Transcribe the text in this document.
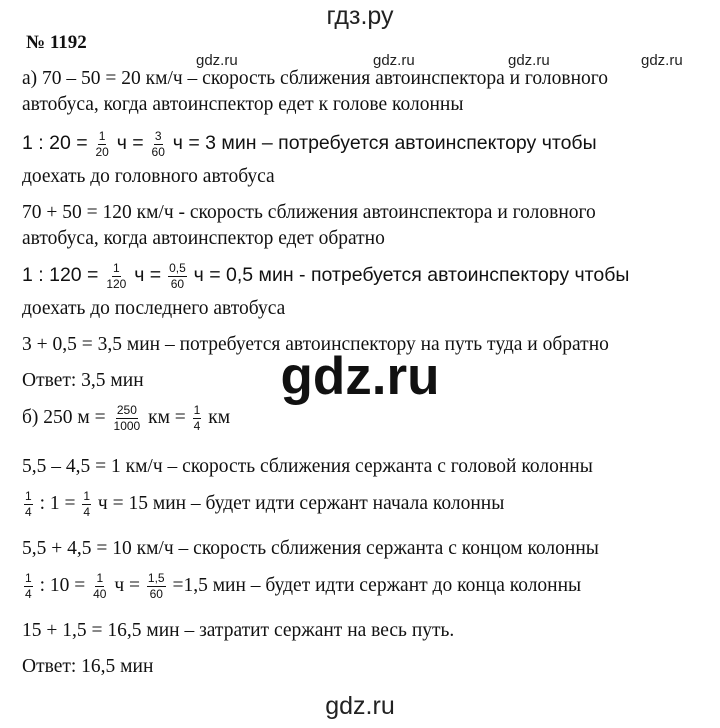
гдз.ру
№ 1192
gdz.ru	gdz.ru	gdz.ru	gdz.ru
а) 70 – 50 = 20 км/ч – скорость сближения автоинспектора и головного
автобуса, когда автоинспектор едет к голове колонны
1 : $20 = \frac{1}{20}$ $ч = \frac{3}{60}$ ч = 3 мин – потребуется автоинспектору чтобы
доехать до головного автобуса
70 + 50 = 120 км/ч - скорость сближения автоинспектора и головного
автобуса, когда автоинспектор едет обратно
1 : $120 = \frac{1}{120}$ $ч = \frac{0,5}{60}$ ч = 0,5 мин - потребуется автоинспектору чтобы
доехать до последнего автобуса
3 + 0,5 = 3,5 мин – потребуется автоинспектору на путь туда и обратно
Ответ: 3,5 мин	gdz.ru
б) 250 $м = \frac{250}{1000}$ км = $\frac{1}{4}$ км
5,5 – 4,5 = 1 км/ч – скорость сближения сержанта с головой колонны
$\frac{1}{4}$ : $1 = \frac{1}{4}$ ч = 15 мин – будет идти сержант начала колонны
5,5 + 4,5 = 10 км/ч – скорость сближения сержанта с концом колонны
$\frac{1}{4}$ : $10 = \frac{1}{40}$ $ч = \frac{1,5}{60} =1,5$ мин – будет идти сержант до конца колонны
15 + 1,5 = 16,5 мин – затратит сержант на весь путь.
Ответ: 16,5 мин
gdz.ru
